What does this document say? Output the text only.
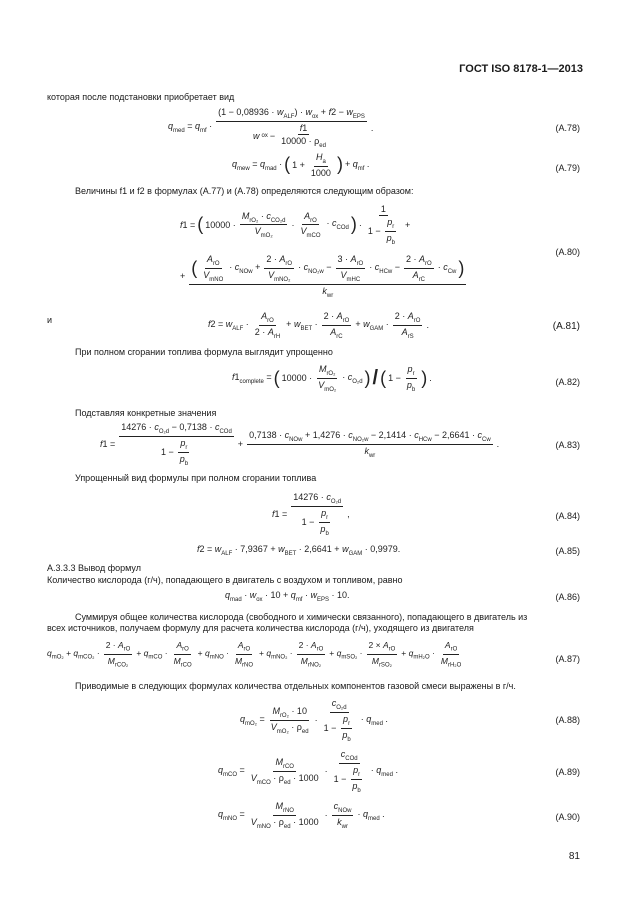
ГОСТ ISO 8178-1—2013
которая после подстановки приобретает вид
$q_{med} = q_{mf} \cdot \frac{(1 - 0,08936 \cdot w_{ALF}) \cdot w_{ox} + f2 - w_{EPS}}{w ox - \frac{f1}{10000 \cdot \rho_{ed}}}$ .	(А.78)
$q_{mew} = q_{mad}$ · ( $1 + \frac{H_a}{1000}$ ) + $q_{mf}$ .	(А.79)
Величины f1 и f2 в формулах (А.77) и (А.78) определяются следующим образом:
f1 = ( $10000 \cdot \frac{M_{rO_2} \cdot c_{CO_2d}}{V_{mO_2}} \cdot \frac{A_{rO}}{V_{mCO}} \cdot c_{COd}$ ) · $\frac{1}{1 - \frac{p_r}{p_b}}$ +
+ ( $\frac{A_{rO}}{V_{mNO}} \cdot c_{NOw} + \frac{2 \cdot A_{rO}}{V_{mNO_2}} \cdot c_{NO_2w} - \frac{3 \cdot A_{rO}}{V_{mHC}} \cdot c_{HCw} - \frac{2 \cdot A_{rO}}{A_{rC}} \cdot c_{Cw}$ )
$k_{wr}$
(А.80)
и	$f2 = w_{ALF} \cdot \frac{A_{rO}}{2 \cdot A_{rH}} + w_{BET} \cdot \frac{2 \cdot A_{rO}}{A_{rC}} + w_{GAM} \cdot \frac{2 \cdot A_{rO}}{A_{rS}}$ .	(А.81)
При полном сгорании топлива формула выглядит упрощенно
$f1_{complete}$ = ( $10000 \cdot \frac{M_{rO_2}}{V_{mO_2}} \cdot c_{O_2d}$ ) / ( $1 - \frac{p_r}{p_b}$ ) .	(А.82)
Подставляя конкретные значения
$f1 = \frac{14276 \cdot c_{O_2d} - 0,7138 \cdot c_{COd}}{1 - \frac{p_r}{p_b}}$ +
$0,7138 \cdot c_{NOw} + 1,4276 \cdot c_{NO_2w} - 2,1414 \cdot c_{HCw} - 2,6641 \cdot c_{Cw}$
$k_{wr}$
.	(А.83)
Упрощенный вид формулы при полном сгорании топлива
$f1 = \frac{14276 \cdot c_{O_2d}}{1 - \frac{p_r}{p_b}}$ ,	(А.84)
$f2 = w_{ALF} \cdot 7,9367 + w_{BET} \cdot 2,6641 + w_{GAM} \cdot 0,9979$.	(А.85)
А.3.3.3 Вывод формул
Количество кислорода (г/ч), попадающего в двигатель с воздухом и топливом, равно
$q_{mad} \cdot w_{ox} \cdot 10 + q_{mf} \cdot w_{EPS} \cdot 10$.	(А.86)
Суммируя общее количества кислорода (свободного и химически связанного), попадающего в двигатель из
всех источников, получаем формулу для расчета количества кислорода (г/ч), уходящего из двигателя
$q_{mO_2} + q_{mCO_2} \cdot \frac{2 \cdot A_{rO}}{M_{rCO_2}} + q_{mCO} \cdot \frac{A_{rO}}{M_{rCO}} + q_{mNO} \cdot \frac{A_{rO}}{M_{rNO}} + q_{mNO_2} \cdot \frac{2 \cdot A_{rO}}{M_{rNO_2}} + q_{mSO_2} \cdot \frac{2 \times A_{rO}}{M_{rSO_2}} + q_{mH_2O} \cdot \frac{A_{rO}}{M_{rH_2O}}$	(А.87)
Приводимые в следующих формулах количества отдельных компонентов газовой смеси выражены в г/ч.
$q_{mO_2} = \frac{M_{rO_2} \cdot 10}{V_{mO_2} \cdot \rho_{ed}} \cdot \frac{c_{O_2d}}{1 - \frac{p_r}{p_b}} \cdot q_{med}$ .	(А.88)
$q_{mCO} = \frac{M_{rCO}}{V_{mCO} \cdot \rho_{ed} \cdot 1000} \cdot \frac{c_{COd}}{1 - \frac{p_r}{p_b}} \cdot q_{med}$ .	(А.89)
$q_{mNO} = \frac{M_{rNO}}{V_{mNO} \cdot \rho_{ed} \cdot 1000} \cdot \frac{c_{NOw}}{k_{wr}} \cdot q_{med}$ .	(А.90)
81
